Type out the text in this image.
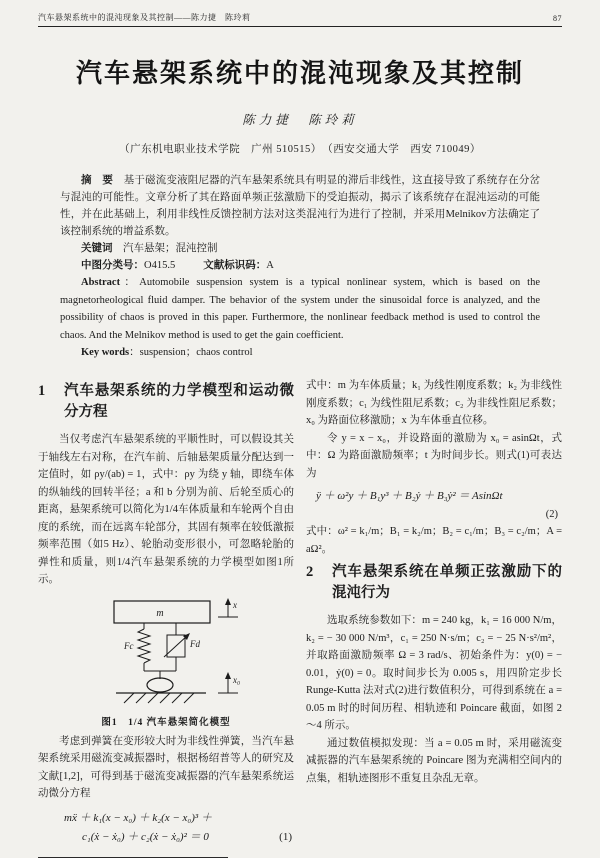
汽车悬架系统中的混沌现象及其控制——陈力捷　陈玲莉	87
汽车悬架系统中的混沌现象及其控制
陈力捷　陈玲莉
（广东机电职业技术学院　广州 510515）　（西安交通大学　西安 710049）

摘　要　 基于磁流变液阻尼器的汽车悬架系统具有明显的滞后非线性，这直接导致了系统存在分岔与混沌的可能性。文章分析了其在路面单频正弦激励下的受迫振动，揭示了该系统存在混沌运动的可能性，并在此基础上，利用非线性反馈控制方法对这类混沌行为进行了控制，并采用Melnikov方法确定了该控制系统的增益系数。

关键词　 汽车悬架；混沌控制

中图分类号：O415.5	文献标识码：A

Abstract：Automobile suspension system is a typical nonlinear system, which is based on the magnetorheological fluid damper. The behavior of the system under the sinusoidal force is analyzed, and the possibility of chaos is proved in this paper. Furthermore, the nonlinear feedback method is used to control the chaos. And the Melnikov method is used to get the gain coefficient.

Key words：suspension；chaos control

1	汽车悬架系统的力学模型和运动微分方程

当仅考虑汽车悬架系统的平顺性时，可以假设其关于轴线左右对称，在汽车前、后轴悬架质量分配达到一定值时，如 ρy/(ab) = 1，式中：ρy 为绕 y 轴，即绕车体的纵轴线的回转半径；a 和 b 分别为前、后轮至质心的距离，悬架系统可以简化为1/4车体质量和车轮两个自由度的系统，而在远离车轮部分，其固有频率在较低激振频率范围（如5 Hz）、轮胎动变形很小，可忽略轮胎的弹性和质量，则1/4汽车悬架系统的力学模型如图1所示。

m
x
Fc	Fd
x₀
图1　1/4 汽车悬架简化模型

考虑到弹簧在变形较大时为非线性弹簧，当汽车悬架系统采用磁流变减振器时，根据杨绍普等人的研究及文献[1,2]，可得到基于磁流变减振器的汽车悬架系统运动微分方程

mẍ ＋ k₁(x − x₀) ＋ k₂(x − x₀)³ ＋
c₁(ẋ − ẋ₀) ＋ c₂(ẋ − ẋ₀)² ＝ 0	(1)

式中：m 为车体质量；k₁ 为线性刚度系数；k₂ 为非线性刚度系数；c₁ 为线性阻尼系数；c₂ 为非线性阻尼系数；x₀ 为路面位移激励；x 为车体垂直位移。

令 y = x − x₀，并设路面的激励为 x₀ = asinΩt，式中：Ω 为路面激励频率；t 为时间步长。则式(1)可表达为

ÿ ＋ ω²y ＋ B₁y³ ＋ B₂ẏ ＋ B₃ẏ² ＝ AsinΩt
(2)

式中：ω² = k₁/m；B₁ = k₂/m；B₂ = c₁/m；B₃ = c₂/m；A = aΩ²。

2	汽车悬架系统在单频正弦激励下的混沌行为

选取系统参数如下：m = 240 kg，k₁ = 16 000 N/m，k₂ = − 30 000 N/m³，c₁ = 250 N·s/m；c₂ = − 25 N·s²/m²，并取路面激励频率 Ω = 3 rad/s、初始条件为：y(0) = − 0.01，ẏ(0) = 0。取时间步长为 0.005 s，用四阶定步长 Runge-Kutta 法对式(2)进行数值积分，可得到系统在 a = 0.05 m 时的时间历程、相轨迹和 Poincare 截面，如图 2～4 所示。

通过数值模拟发现：当 a = 0.05 m 时，采用磁流变减振器的汽车悬架系统的 Poincare 图为充满相空间内的点集，相轨迹图形不重复且杂乱无章。
